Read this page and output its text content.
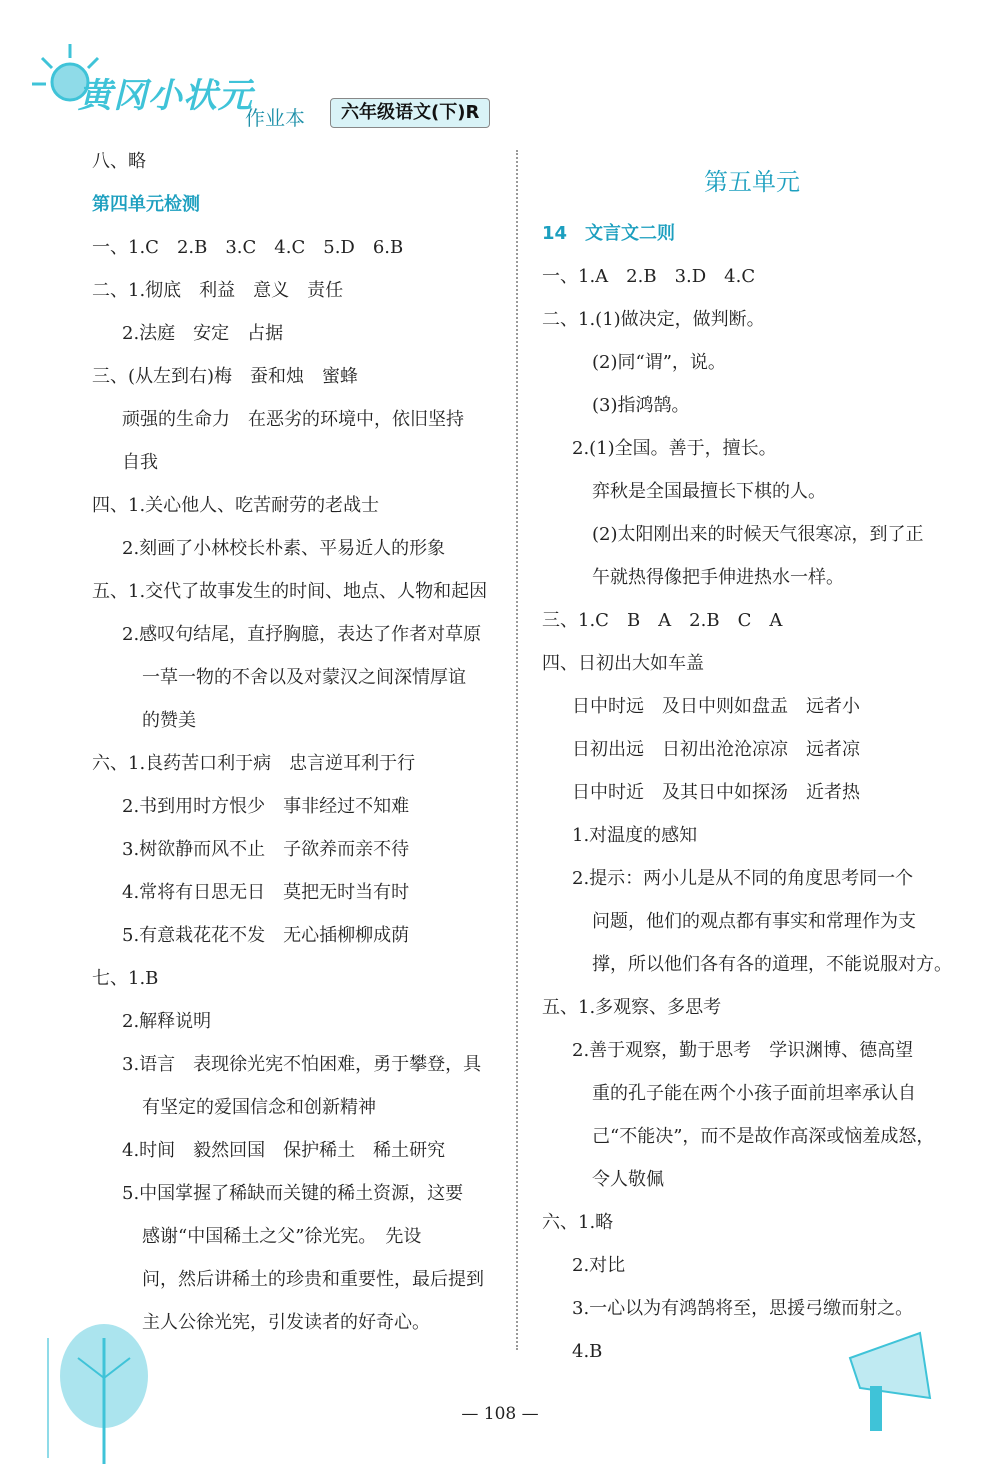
黄冈小状元
作业本	六年级语文(下)R
八、略
第四单元检测
一、1.C　2.B　3.C　4.C　5.D　6.B
二、1.彻底　利益　意义　责任
2.法庭　安定　占据
三、(从左到右)梅　蚕和烛　蜜蜂
顽强的生命力　在恶劣的环境中，依旧坚持
自我
四、1.关心他人、吃苦耐劳的老战士
2.刻画了小林校长朴素、平易近人的形象
五、1.交代了故事发生的时间、地点、人物和起因
2.感叹句结尾，直抒胸臆，表达了作者对草原
一草一物的不舍以及对蒙汉之间深情厚谊
的赞美
六、1.良药苦口利于病　忠言逆耳利于行
2.书到用时方恨少　事非经过不知难
3.树欲静而风不止　子欲养而亲不待
4.常将有日思无日　莫把无时当有时
5.有意栽花花不发　无心插柳柳成荫
七、1.B
2.解释说明
3.语言　表现徐光宪不怕困难，勇于攀登，具
有坚定的爱国信念和创新精神
4.时间　毅然回国　保护稀土　稀土研究
5.中国掌握了稀缺而关键的稀土资源，这要
感谢“中国稀土之父”徐光宪。　先设
问，然后讲稀土的珍贵和重要性，最后提到
主人公徐光宪，引发读者的好奇心。
第五单元
14　文言文二则
一、1.A　2.B　3.D　4.C
二、1.(1)做决定，做判断。
(2)同“谓”，说。
(3)指鸿鹄。
2.(1)全国。善于，擅长。
弈秋是全国最擅长下棋的人。
(2)太阳刚出来的时候天气很寒凉，到了正
午就热得像把手伸进热水一样。
三、1.C　B　A　2.B　C　A
四、日初出大如车盖
日中时远　及日中则如盘盂　远者小
日初出远　日初出沧沧凉凉　远者凉
日中时近　及其日中如探汤　近者热
1.对温度的感知
2.提示：两小儿是从不同的角度思考同一个
问题，他们的观点都有事实和常理作为支
撑，所以他们各有各的道理，不能说服对方。
五、1.多观察、多思考
2.善于观察，勤于思考　学识渊博、德高望
重的孔子能在两个小孩子面前坦率承认自
己“不能决”，而不是故作高深或恼羞成怒，
令人敬佩
六、1.略
2.对比
3.一心以为有鸿鹄将至，思援弓缴而射之。
4.B
— 108 —
